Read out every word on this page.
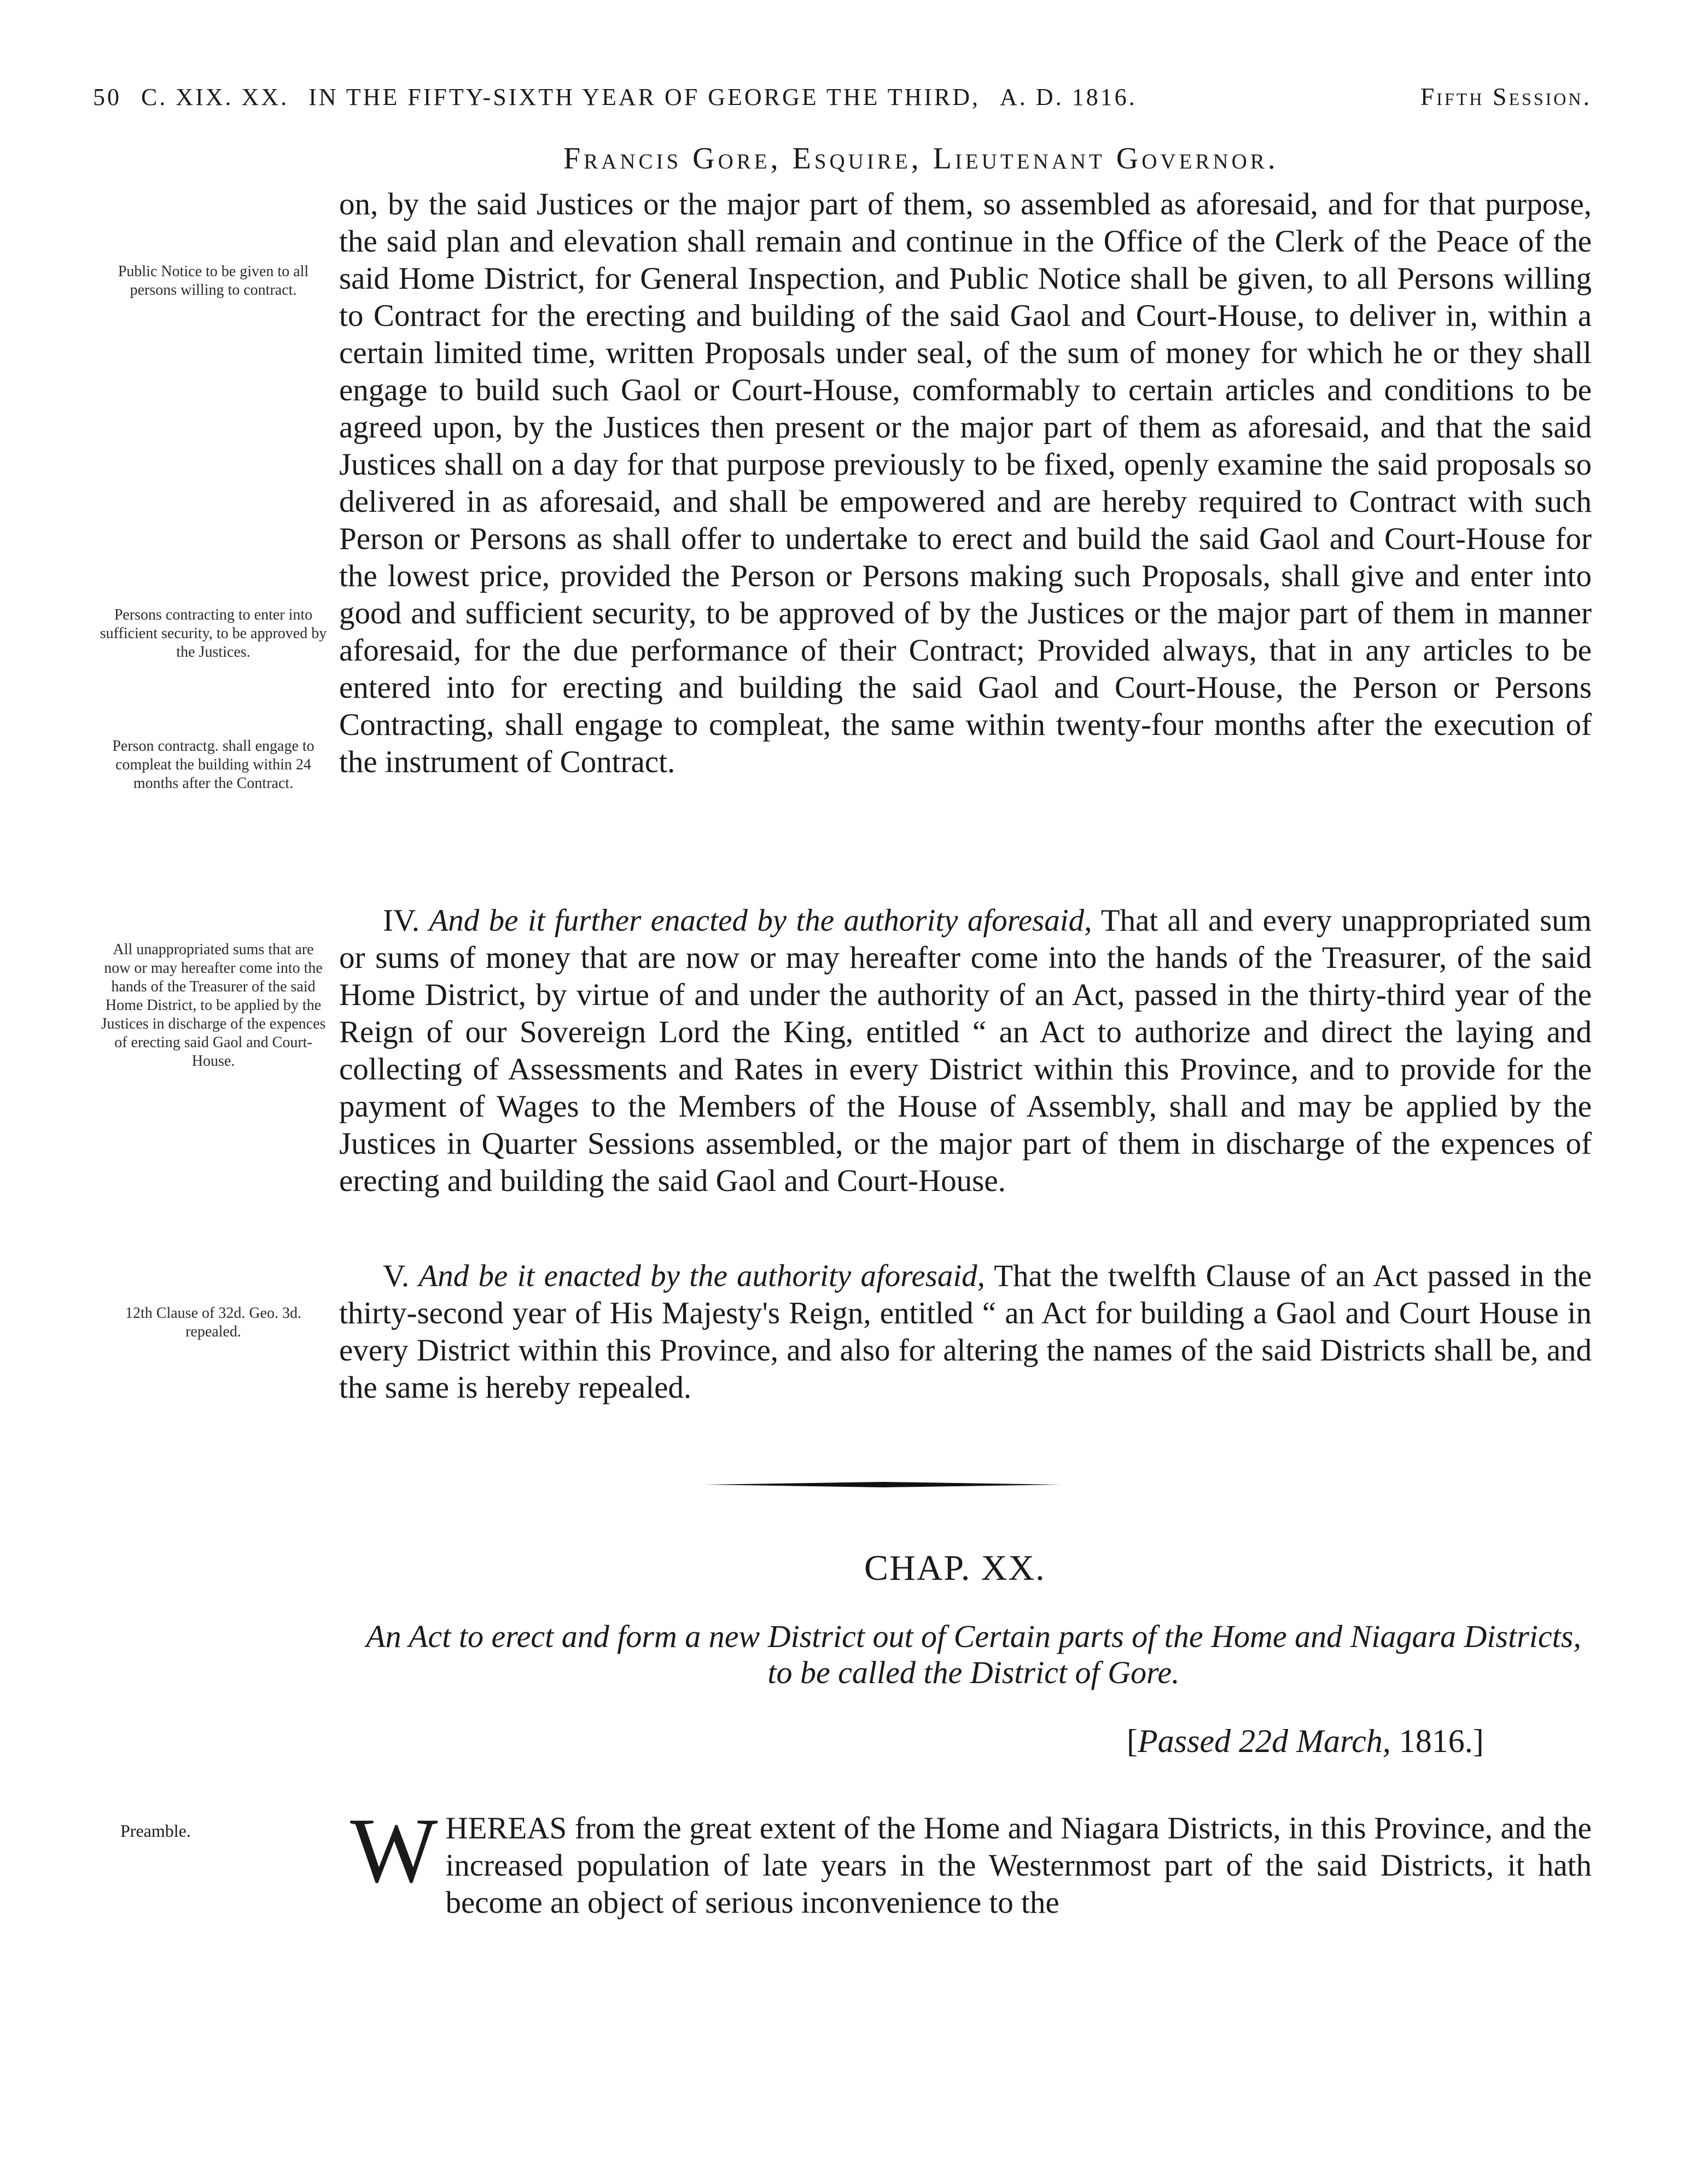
50 C. XIX. XX. IN THE FIFTY-SIXTH YEAR OF GEORGE THE THIRD, A. D. 1816.	Fifth Session.
Francis Gore, Esquire, Lieutenant Governor.
Public Notice to be given to all persons willing to contract.
Persons contracting to enter into sufficient security, to be approved by the Justices.
Person contractg. shall engage to compleat the building within 24 months after the Contract.
All unappropriated sums that are now or may hereafter come into the hands of the Treasurer of the said Home District, to be applied by the Justices in discharge of the expences of erecting said Gaol and Court-House.
12th Clause of 32d. Geo. 3d. repealed.

on, by the said Justices or the major part of them, so assembled as aforesaid, and for that purpose, the said plan and elevation shall remain and continue in the Office of the Clerk of the Peace of the said Home District, for General Inspection, and Public Notice shall be given, to all Persons willing to Contract for the erecting and building of the said Gaol and Court-House, to deliver in, within a certain limited time, written Proposals under seal, of the sum of money for which he or they shall engage to build such Gaol or Court-House, comformably to certain articles and conditions to be agreed upon, by the Justices then present or the major part of them as aforesaid, and that the said Justices shall on a day for that purpose previously to be fixed, openly examine the said proposals so delivered in as aforesaid, and shall be empowered and are hereby required to Contract with such Person or Persons as shall offer to undertake to erect and build the said Gaol and Court-House for the lowest price, provided the Person or Persons making such Proposals, shall give and enter into good and sufficient security, to be approved of by the Justices or the major part of them in manner aforesaid, for the due performance of their Contract; Provided always, that in any articles to be entered into for erecting and building the said Gaol and Court-House, the Person or Persons Contracting, shall engage to compleat, the same within twenty-four months after the execution of the instrument of Contract.

IV. And be it further enacted by the authority aforesaid, That all and every unappropriated sum or sums of money that are now or may hereafter come into the hands of the Treasurer, of the said Home District, by virtue of and under the authority of an Act, passed in the thirty-third year of the Reign of our Sovereign Lord the King, entitled “ an Act to authorize and direct the laying and collecting of Assessments and Rates in every District within this Province, and to provide for the payment of Wages to the Members of the House of Assembly, shall and may be applied by the Justices in Quarter Sessions assembled, or the major part of them in discharge of the expences of erecting and building the said Gaol and Court-House.

V. And be it enacted by the authority aforesaid, That the twelfth Clause of an Act passed in the thirty-second year of His Majesty's Reign, entitled “ an Act for building a Gaol and Court House in every District within this Province, and also for altering the names of the said Districts shall be, and the same is hereby repealed.

CHAP. XX.
An Act to erect and form a new District out of Certain parts of the Home and Niagara Districts, to be called the District of Gore.
[Passed 22d March, 1816.]
Preamble. W HEREAS from the great extent of the Home and Niagara Districts, in this Province, and the increased population of late years in the Westernmost part of the said Districts, it hath become an object of serious inconvenience to the
